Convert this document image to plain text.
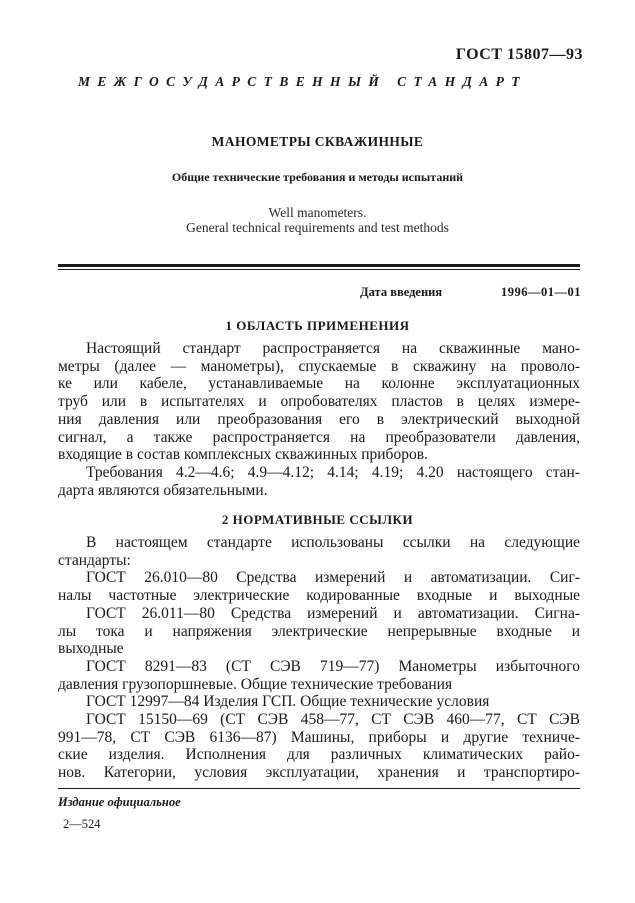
ГОСТ 15807—93
МЕЖГОСУДАРСТВЕННЫЙ СТАНДАРТ
МАНОМЕТРЫ СКВАЖИННЫЕ
Общие технические требования и методы испытаний
Well manometers.
General technical requirements and test methods
Дата введения	1996—01—01
1 ОБЛАСТЬ ПРИМЕНЕНИЯ
Настоящий стандарт распространяется на скважинные мано-
метры (далее — манометры), спускаемые в скважину на проволо-
ке или кабеле, устанавливаемые на колонне эксплуатационных
труб или в испытателях и опробователях пластов в целях измере-
ния давления или преобразования его в электрический выходной
сигнал, а также распространяется на преобразователи давления,
входящие в состав комплексных скважинных приборов.
Требования 4.2—4.6; 4.9—4.12; 4.14; 4.19; 4.20 настоящего стан-
дарта являются обязательными.
2 НОРМАТИВНЫЕ ССЫЛКИ
В настоящем стандарте использованы ссылки на следующие
стандарты:
ГОСТ 26.010—80 Средства измерений и автоматизации. Сиг-
налы частотные электрические кодированные входные и выходные
ГОСТ 26.011—80 Средства измерений и автоматизации. Сигна-
лы тока и напряжения электрические непрерывные входные и
выходные
ГОСТ 8291—83 (СТ СЭВ 719—77) Манометры избыточного
давления грузопоршневые. Общие технические требования
ГОСТ 12997—84 Изделия ГСП. Общие технические условия
ГОСТ 15150—69 (СТ СЭВ 458—77, СТ СЭВ 460—77, СТ СЭВ
991—78, СТ СЭВ 6136—87) Машины, приборы и другие техниче-
ские изделия. Исполнения для различных климатических райо-
нов. Категории, условия эксплуатации, хранения и транспортиро-
Издание официальное
2—524
